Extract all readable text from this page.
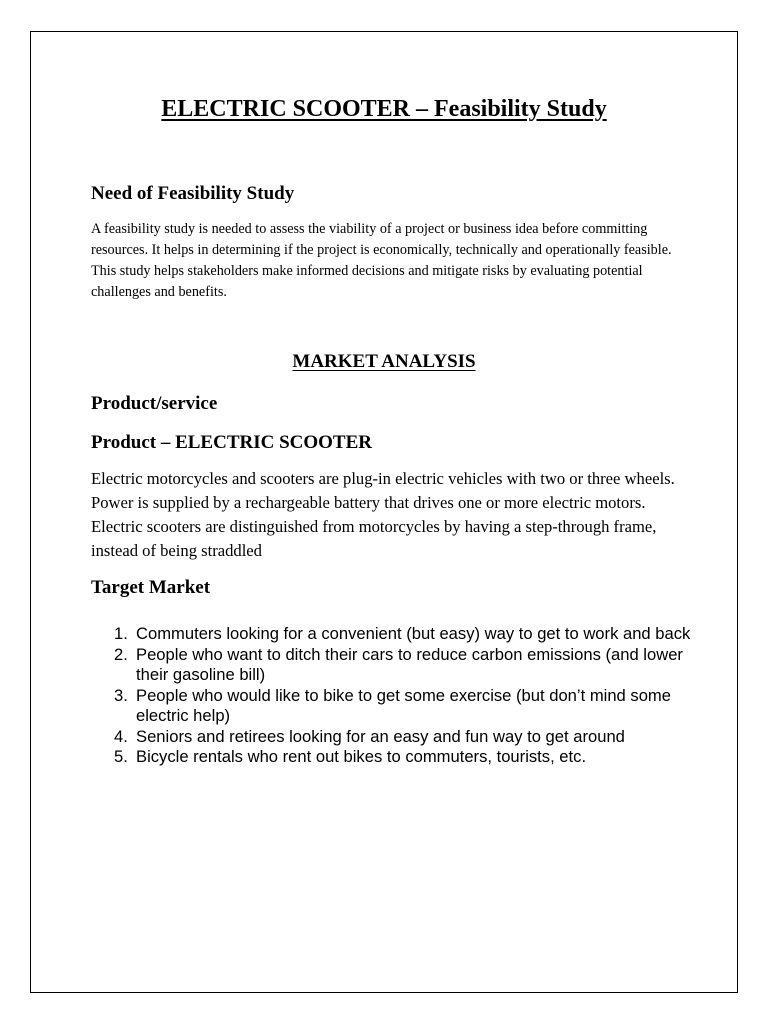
ELECTRIC SCOOTER – Feasibility Study
Need of Feasibility Study

A feasibility study is needed to assess the viability of a project or business idea before committing resources. It helps in determining if the project is economically, technically and operationally feasible. This study helps stakeholders make informed decisions and mitigate risks by evaluating potential challenges and benefits.

MARKET ANALYSIS
Product/service
Product – ELECTRIC SCOOTER

Electric motorcycles and scooters are plug-in electric vehicles with two or three wheels. Power is supplied by a rechargeable battery that drives one or more electric motors. Electric scooters are distinguished from motorcycles by having a step-through frame, instead of being straddled

Target Market
1. Commuters looking for a convenient (but easy) way to get to work and back
2. People who want to ditch their cars to reduce carbon emissions (and lower their gasoline bill)
3. People who would like to bike to get some exercise (but don’t mind some electric help)
4. Seniors and retirees looking for an easy and fun way to get around
5. Bicycle rentals who rent out bikes to commuters, tourists, etc.
